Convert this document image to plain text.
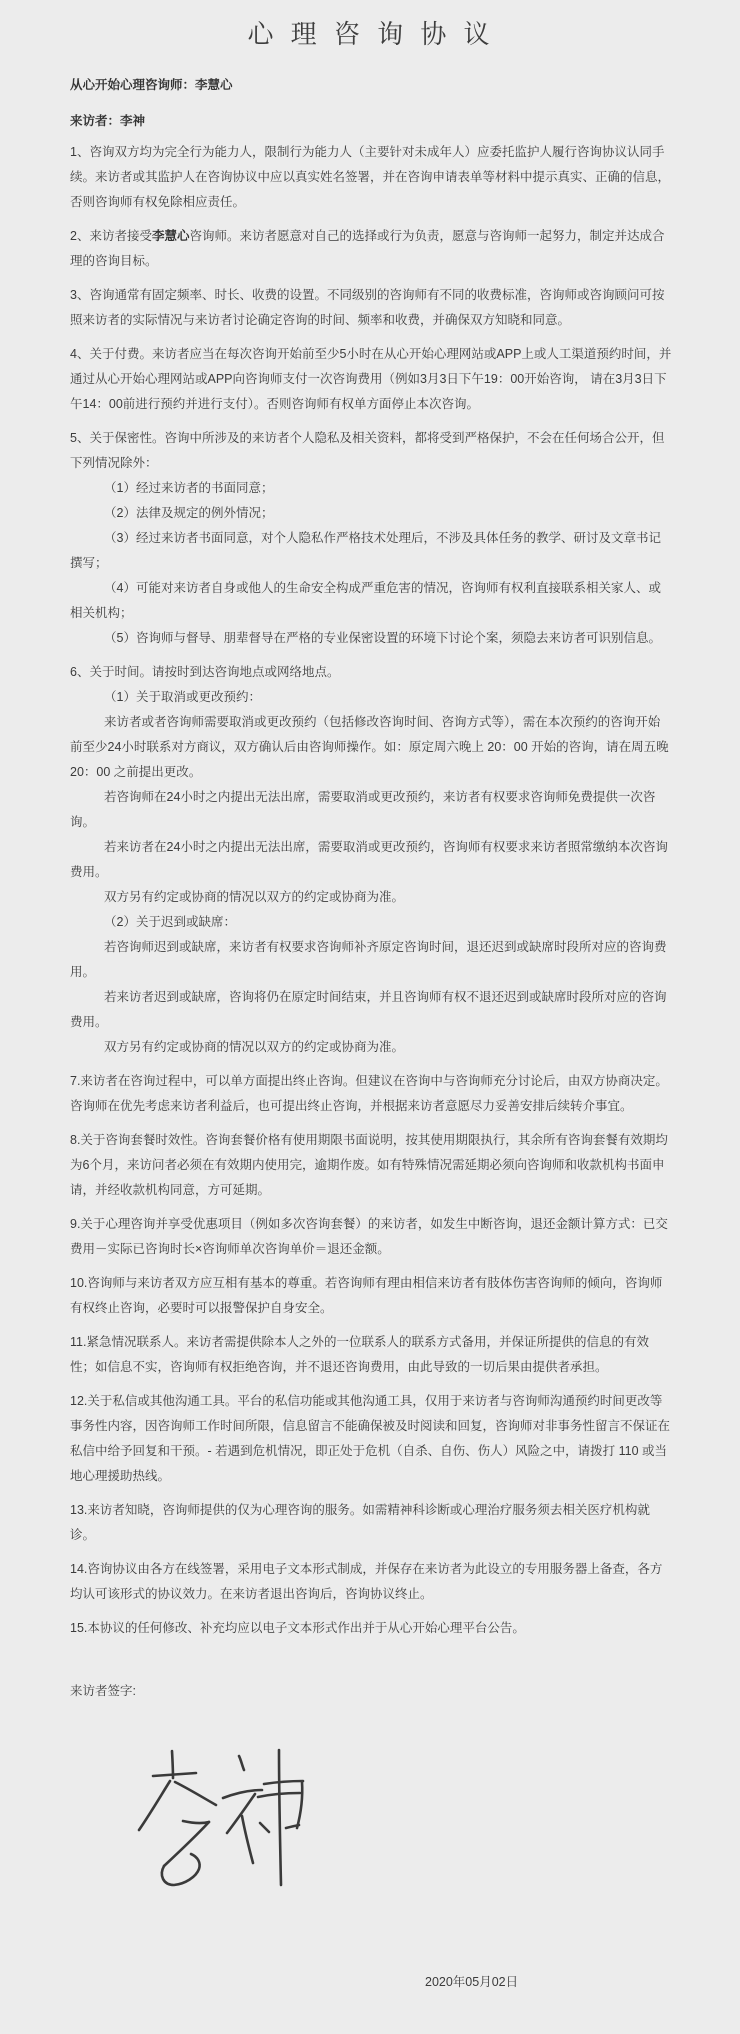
心 理 咨 询 协 议

从心开始心理咨询师：李慧心

来访者：李神

1、咨询双方均为完全行为能力人，限制行为能力人（主要针对未成年人）应委托监护人履行咨询协议认同手续。来访者或其监护人在咨询协议中应以真实姓名签署，并在咨询申请表单等材料中提示真实、正确的信息，否则咨询师有权免除相应责任。

2、来访者接受李慧心咨询师。来访者愿意对自己的选择或行为负责，愿意与咨询师一起努力，制定并达成合理的咨询目标。

3、咨询通常有固定频率、时长、收费的设置。不同级别的咨询师有不同的收费标准，咨询师或咨询顾问可按照来访者的实际情况与来访者讨论确定咨询的时间、频率和收费，并确保双方知晓和同意。

4、关于付费。来访者应当在每次咨询开始前至少5小时在从心开始心理网站或APP上或人工渠道预约时间，并通过从心开始心理网站或APP向咨询师支付一次咨询费用（例如3月3日下午19：00开始咨询， 请在3月3日下午14：00前进行预约并进行支付）。否则咨询师有权单方面停止本次咨询。

5、关于保密性。咨询中所涉及的来访者个人隐私及相关资料，都将受到严格保护，不会在任何场合公开，但下列情况除外：

（1）经过来访者的书面同意；

（2）法律及规定的例外情况；

（3）经过来访者书面同意，对个人隐私作严格技术处理后，不涉及具体任务的教学、研讨及文章书记撰写；

（4）可能对来访者自身或他人的生命安全构成严重危害的情况，咨询师有权利直接联系相关家人、或相关机构；

（5）咨询师与督导、朋辈督导在严格的专业保密设置的环境下讨论个案，须隐去来访者可识别信息。

6、关于时间。请按时到达咨询地点或网络地点。

（1）关于取消或更改预约：

来访者或者咨询师需要取消或更改预约（包括修改咨询时间、咨询方式等），需在本次预约的咨询开始前至少24小时联系对方商议，双方确认后由咨询师操作。如：原定周六晚上 20：00 开始的咨询，请在周五晚 20：00 之前提出更改。

若咨询师在24小时之内提出无法出席，需要取消或更改预约，来访者有权要求咨询师免费提供一次咨询。

若来访者在24小时之内提出无法出席，需要取消或更改预约，咨询师有权要求来访者照常缴纳本次咨询费用。

双方另有约定或协商的情况以双方的约定或协商为准。

（2）关于迟到或缺席：

若咨询师迟到或缺席，来访者有权要求咨询师补齐原定咨询时间，退还迟到或缺席时段所对应的咨询费用。

若来访者迟到或缺席，咨询将仍在原定时间结束，并且咨询师有权不退还迟到或缺席时段所对应的咨询费用。

双方另有约定或协商的情况以双方的约定或协商为准。

7.来访者在咨询过程中，可以单方面提出终止咨询。但建议在咨询中与咨询师充分讨论后，由双方协商决定。咨询师在优先考虑来访者利益后，也可提出终止咨询，并根据来访者意愿尽力妥善安排后续转介事宜。

8.关于咨询套餐时效性。咨询套餐价格有使用期限书面说明，按其使用期限执行，其余所有咨询套餐有效期均为6个月，来访问者必须在有效期内使用完，逾期作废。如有特殊情况需延期必须向咨询师和收款机构书面申请，并经收款机构同意，方可延期。

9.关于心理咨询并享受优惠项目（例如多次咨询套餐）的来访者，如发生中断咨询，退还金额计算方式：已交费用－实际已咨询时长×咨询师单次咨询单价＝退还金额。

10.咨询师与来访者双方应互相有基本的尊重。若咨询师有理由相信来访者有肢体伤害咨询师的倾向，咨询师有权终止咨询，必要时可以报警保护自身安全。

11.紧急情况联系人。来访者需提供除本人之外的一位联系人的联系方式备用，并保证所提供的信息的有效性；如信息不实，咨询师有权拒绝咨询，并不退还咨询费用，由此导致的一切后果由提供者承担。

12.关于私信或其他沟通工具。平台的私信功能或其他沟通工具，仅用于来访者与咨询师沟通预约时间更改等事务性内容，因咨询师工作时间所限，信息留言不能确保被及时阅读和回复，咨询师对非事务性留言不保证在私信中给予回复和干预。- 若遇到危机情况，即正处于危机（自杀、自伤、伤人）风险之中，请拨打 110 或当地心理援助热线。

13.来访者知晓，咨询师提供的仅为心理咨询的服务。如需精神科诊断或心理治疗服务须去相关医疗机构就诊。

14.咨询协议由各方在线签署，采用电子文本形式制成，并保存在来访者为此设立的专用服务器上备查，各方均认可该形式的协议效力。在来访者退出咨询后，咨询协议终止。

15.本协议的任何修改、补充均应以电子文本形式作出并于从心开始心理平台公告。

来访者签字:

2020年05月02日
